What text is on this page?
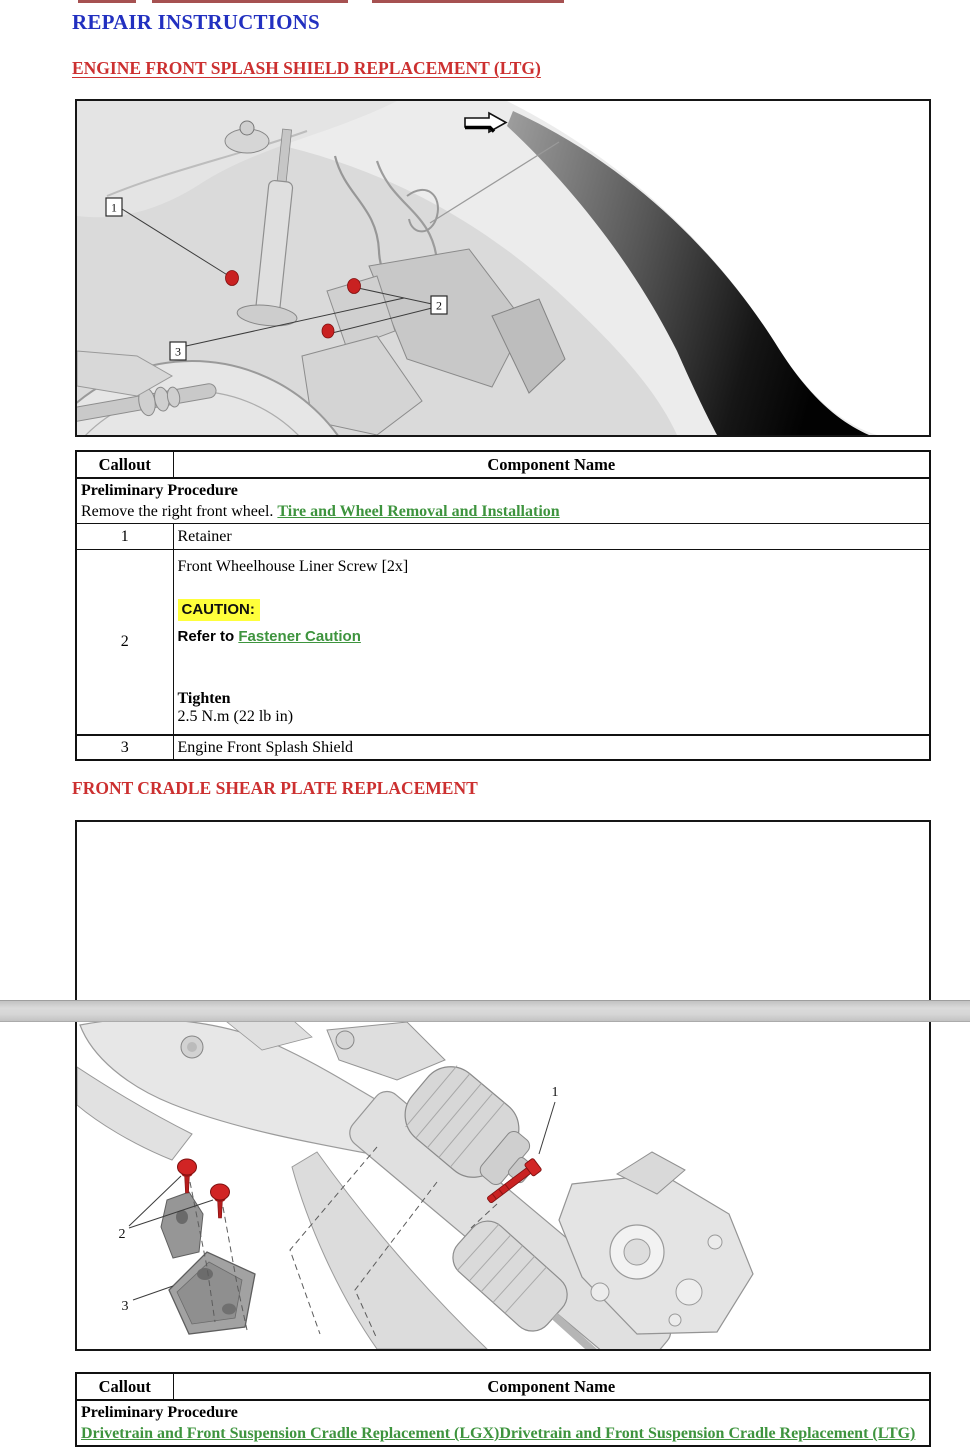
REPAIR INSTRUCTIONS
ENGINE FRONT SPLASH SHIELD REPLACEMENT (LTG)
1
2
3
Callout	Component Name

Preliminary Procedure
Remove the right front wheel. Tire and Wheel Removal and Installation	

1	Retainer
2	Front Wheelhouse Liner Screw [2x]
CAUTION:
Refer to Fastener Caution
Tighten
2.5 N.m (22 lb in)

3	Engine Front Splash Shield
FRONT CRADLE SHEAR PLATE REPLACEMENT
1
2
3
Callout	Component Name

Preliminary Procedure
Drivetrain and Front Suspension Cradle Replacement (LGX)Drivetrain and Front Suspension Cradle Replacement (LTG)
